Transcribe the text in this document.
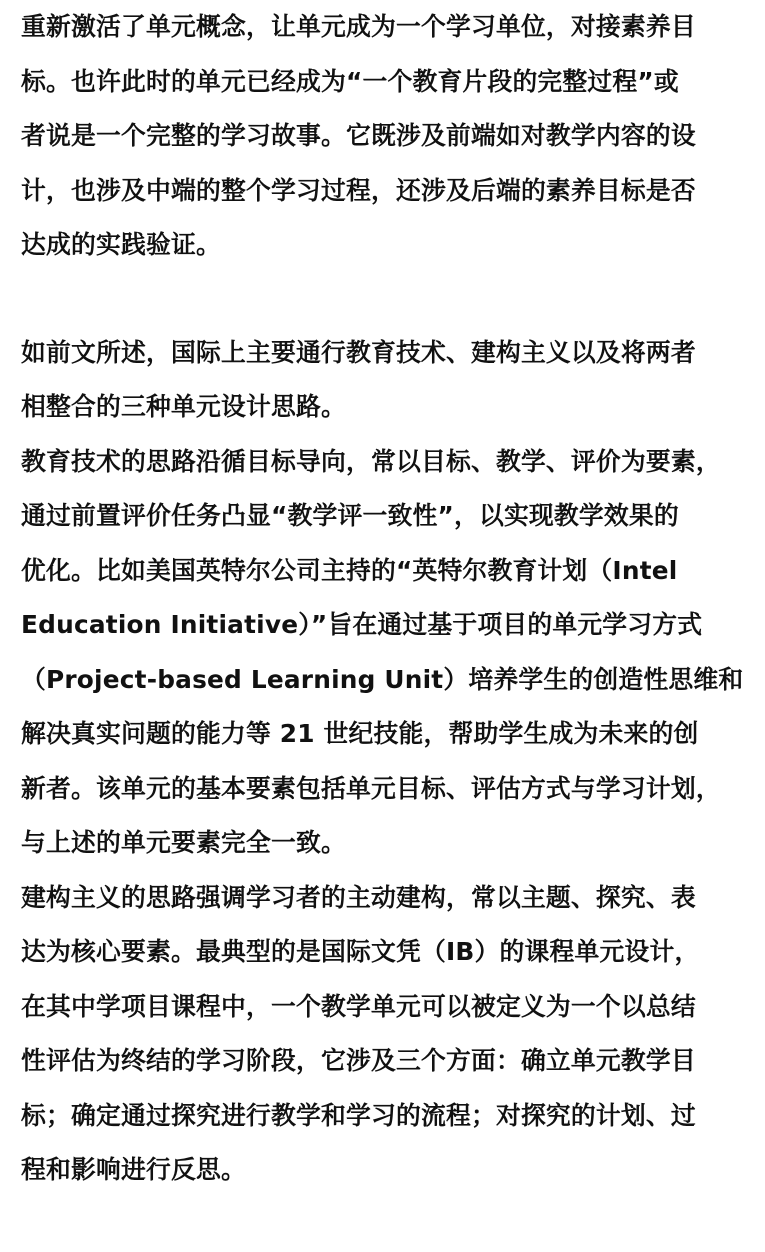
重新激活了单元概念，让单元成为一个学习单位，对接素养目
标。也许此时的单元已经成为“一个教育片段的完整过程”或
者说是一个完整的学习故事。它既涉及前端如对教学内容的设
计，也涉及中端的整个学习过程，还涉及后端的素养目标是否
达成的实践验证。
如前文所述，国际上主要通行教育技术、建构主义以及将两者
相整合的三种单元设计思路。
教育技术的思路沿循目标导向，常以目标、教学、评价为要素，
通过前置评价任务凸显“教学评一致性”，以实现教学效果的
优化。比如美国英特尔公司主持的“英特尔教育计划（Intel
Education Initiative）”旨在通过基于项目的单元学习方式
（Project-based Learning Unit）培养学生的创造性思维和
解决真实问题的能力等 21 世纪技能，帮助学生成为未来的创
新者。该单元的基本要素包括单元目标、评估方式与学习计划，
与上述的单元要素完全一致。
建构主义的思路强调学习者的主动建构，常以主题、探究、表
达为核心要素。最典型的是国际文凭（IB）的课程单元设计，
在其中学项目课程中，一个教学单元可以被定义为一个以总结
性评估为终结的学习阶段，它涉及三个方面：确立单元教学目
标；确定通过探究进行教学和学习的流程；对探究的计划、过
程和影响进行反思。
